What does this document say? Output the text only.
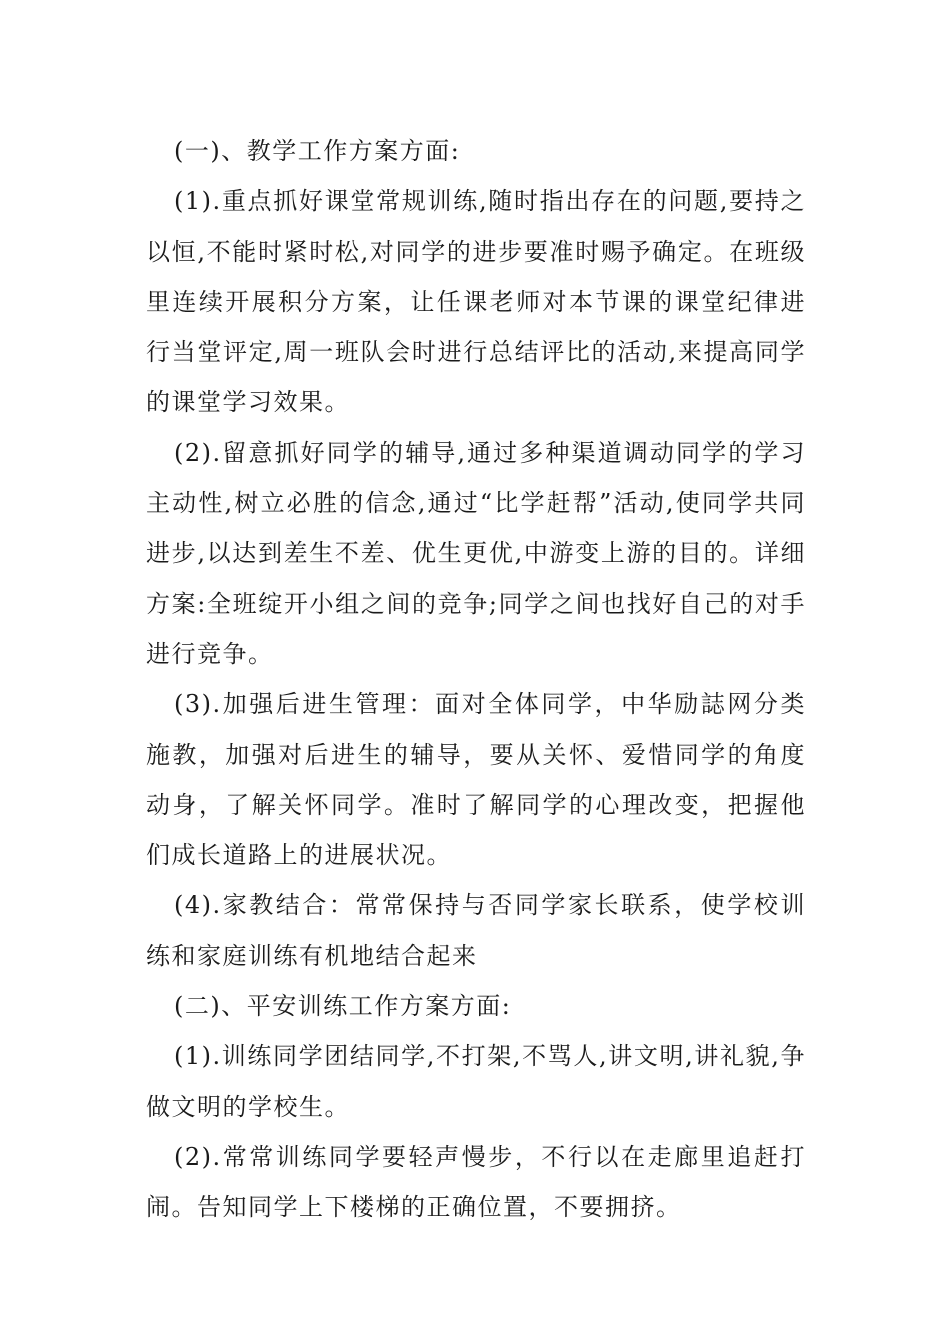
(一)、教学工作方案方面:

(1).重点抓好课堂常规训练,随时指出存在的问题,要持之以恒,不能时紧时松,对同学的进步要准时赐予确定。在班级里连续开展积分方案，让任课老师对本节课的课堂纪律进行当堂评定,周一班队会时进行总结评比的活动,来提高同学的课堂学习效果。

(2).留意抓好同学的辅导,通过多种渠道调动同学的学习主动性,树立必胜的信念,通过“比学赶帮”活动,使同学共同进步,以达到差生不差、优生更优,中游变上游的目的。详细方案:全班绽开小组之间的竞争;同学之间也找好自己的对手进行竞争。

(3).加强后进生管理：面对全体同学，中华励誌网分类施教，加强对后进生的辅导，要从关怀、爱惜同学的角度动身，了解关怀同学。准时了解同学的心理改变，把握他们成长道路上的进展状况。

(4).家教结合：常常保持与否同学家长联系，使学校训练和家庭训练有机地结合起来

(二)、平安训练工作方案方面:

(1).训练同学团结同学,不打架,不骂人,讲文明,讲礼貌,争做文明的学校生。

(2).常常训练同学要轻声慢步，不行以在走廊里追赶打闹。告知同学上下楼梯的正确位置，不要拥挤。
